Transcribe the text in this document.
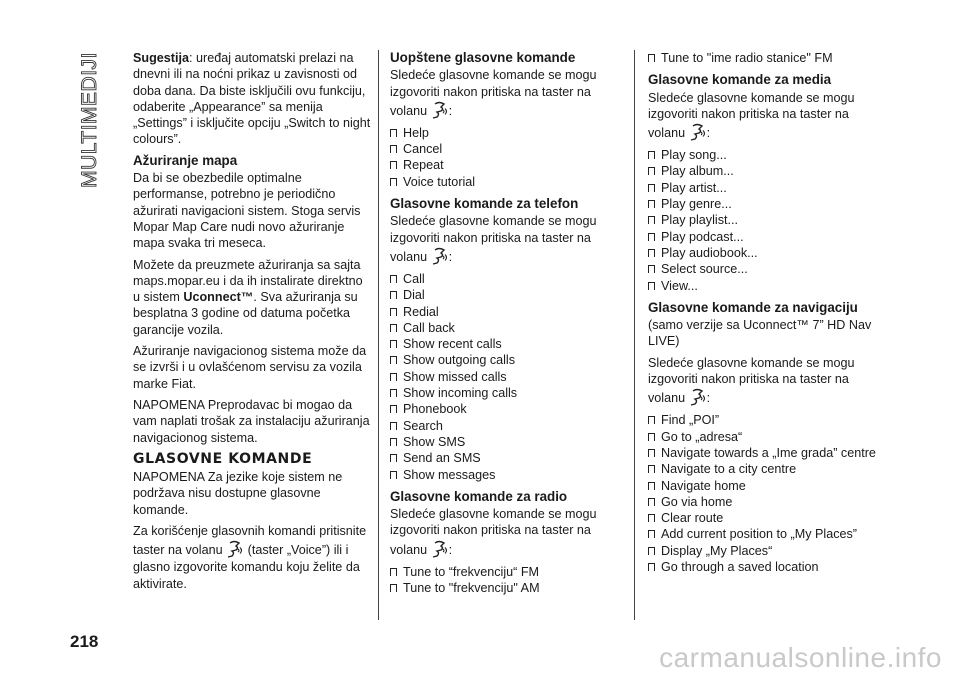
MULTIMEDIJI	Sugestija: uređaj automatski prelazi na dnevni ili na noćni prikaz u zavisnosti od doba dana. Da biste isključili ovu funkciju, odaberite „Appearance” sa menija „Settings” i isključite opciju „Switch to night colours”.

Ažuriranje mapa

Da bi se obezbedile optimalne performanse, potrebno je periodično ažurirati navigacioni sistem. Stoga servis Mopar Map Care nudi novo ažuriranje mapa svaka tri meseca.

Možete da preuzmete ažuriranja sa sajta maps.mopar.eu i da ih instalirate direktno u sistem Uconnect™. Sva ažuriranja su besplatna 3 godine od datuma početka garancije vozila.

Ažuriranje navigacionog sistema može da se izvrši i u ovlašćenom servisu za vozila marke Fiat.

NAPOMENA Preprodavac bi mogao da vam naplati trošak za instalaciju ažuriranja navigacionog sistema.

GLASOVNE KOMANDE

NAPOMENA Za jezike koje sistem ne podržava nisu dostupne glasovne komande.

Za korišćenje glasovnih komandi pritisnite taster na volanu (taster „Voice”) ili i glasno izgovorite komandu koju želite da aktivirate.

Uopštene glasovne komande

Sledeće glasovne komande se mogu izgovoriti nakon pritiska na taster na volanu :

Help
Cancel
Repeat
Voice tutorial
Glasovne komande za telefon

Sledeće glasovne komande se mogu izgovoriti nakon pritiska na taster na volanu :

Call
Dial
Redial
Call back
Show recent calls
Show outgoing calls
Show missed calls
Show incoming calls
Phonebook
Search
Show SMS
Send an SMS
Show messages
Glasovne komande za radio

Sledeće glasovne komande se mogu izgovoriti nakon pritiska na taster na volanu :

Tune to “frekvenciju“ FM
Tune to "frekvenciju" AM
Tune to "ime radio stanice" FM
Glasovne komande za media

Sledeće glasovne komande se mogu izgovoriti nakon pritiska na taster na volanu :

Play song...
Play album...
Play artist...
Play genre...
Play playlist...
Play podcast...
Play audiobook...
Select source...
View...
Glasovne komande za navigaciju

(samo verzije sa Uconnect™ 7” HD Nav LIVE)

Sledeće glasovne komande se mogu izgovoriti nakon pritiska na taster na volanu :

Find „POI”
Go to „adresa“
Navigate towards a „Ime grada” centre
Navigate to a city centre
Navigate home
Go via home
Clear route
Add current position to „My Places”
Display „My Places“
Go through a saved location
218
carmanualsonline.info
